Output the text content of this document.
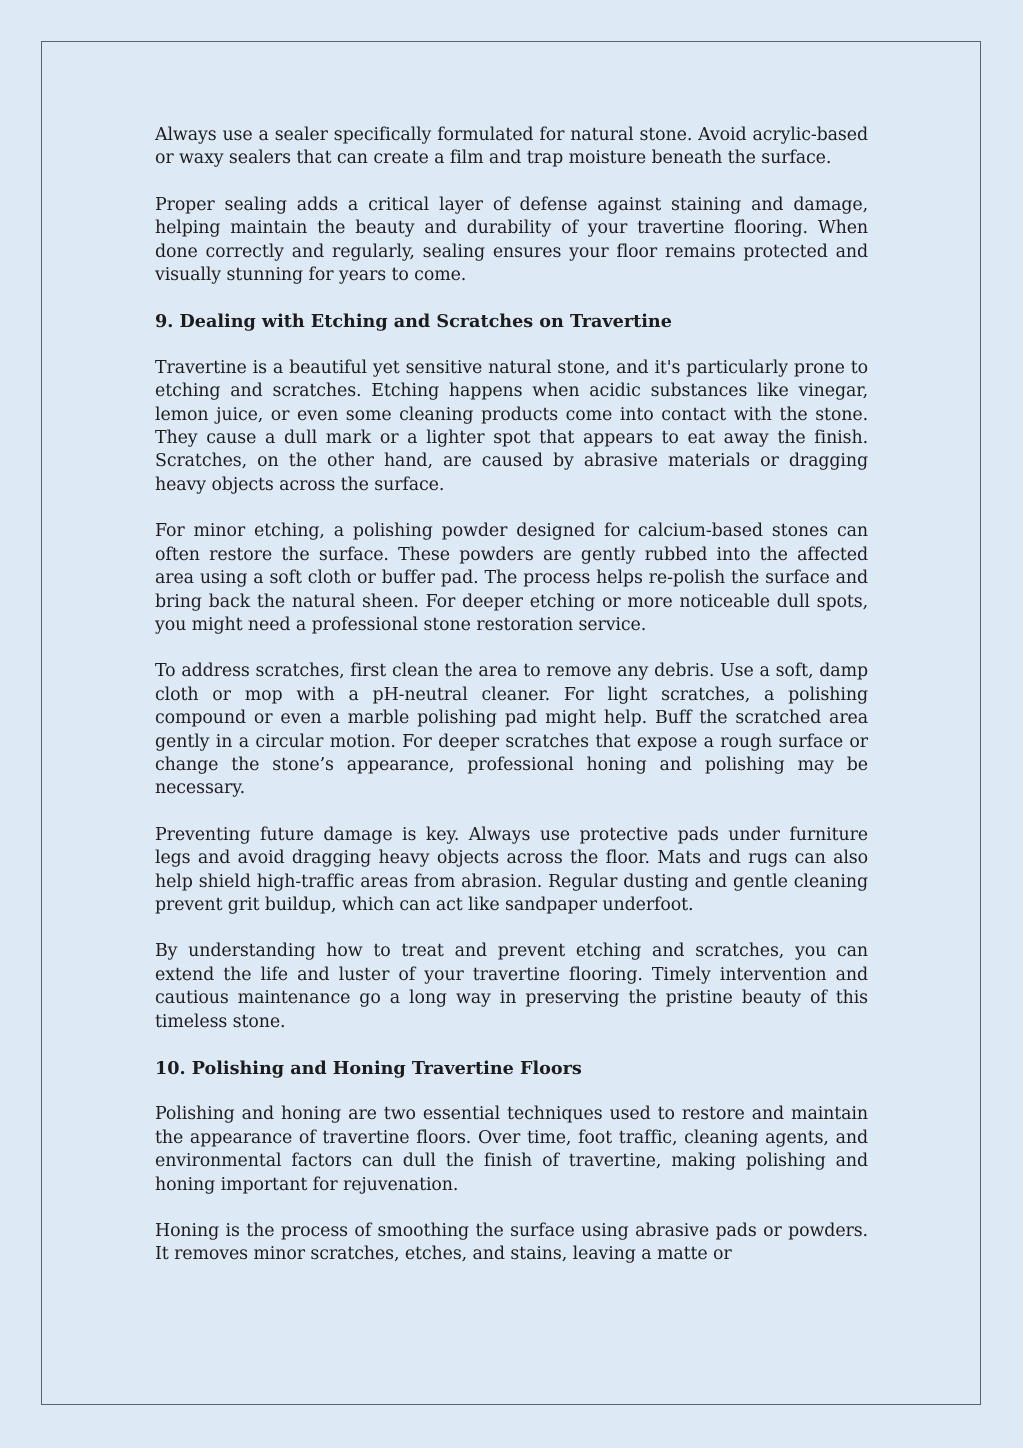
Always use a sealer specifically formulated for natural stone. Avoid acrylic-based or waxy sealers that can create a film and trap moisture beneath the surface.

Proper sealing adds a critical layer of defense against staining and damage, helping maintain the beauty and durability of your travertine flooring. When done correctly and regularly, sealing ensures your floor remains protected and visually stunning for years to come.

9. Dealing with Etching and Scratches on Travertine

Travertine is a beautiful yet sensitive natural stone, and it's particularly prone to etching and scratches. Etching happens when acidic substances like vinegar, lemon juice, or even some cleaning products come into contact with the stone. They cause a dull mark or a lighter spot that appears to eat away the finish. Scratches, on the other hand, are caused by abrasive materials or dragging heavy objects across the surface.

For minor etching, a polishing powder designed for calcium-based stones can often restore the surface. These powders are gently rubbed into the affected area using a soft cloth or buffer pad. The process helps re-polish the surface and bring back the natural sheen. For deeper etching or more noticeable dull spots, you might need a professional stone restoration service.

To address scratches, first clean the area to remove any debris. Use a soft, damp cloth or mop with a pH-neutral cleaner. For light scratches, a polishing compound or even a marble polishing pad might help. Buff the scratched area gently in a circular motion. For deeper scratches that expose a rough surface or change the stone’s appearance, professional honing and polishing may be necessary.

Preventing future damage is key. Always use protective pads under furniture legs and avoid dragging heavy objects across the floor. Mats and rugs can also help shield high-traffic areas from abrasion. Regular dusting and gentle cleaning prevent grit buildup, which can act like sandpaper underfoot.

By understanding how to treat and prevent etching and scratches, you can extend the life and luster of your travertine flooring. Timely intervention and cautious maintenance go a long way in preserving the pristine beauty of this timeless stone.

10. Polishing and Honing Travertine Floors

Polishing and honing are two essential techniques used to restore and maintain the appearance of travertine floors. Over time, foot traffic, cleaning agents, and environmental factors can dull the finish of travertine, making polishing and honing important for rejuvenation.

Honing is the process of smoothing the surface using abrasive pads or powders. It removes minor scratches, etches, and stains, leaving a matte or
